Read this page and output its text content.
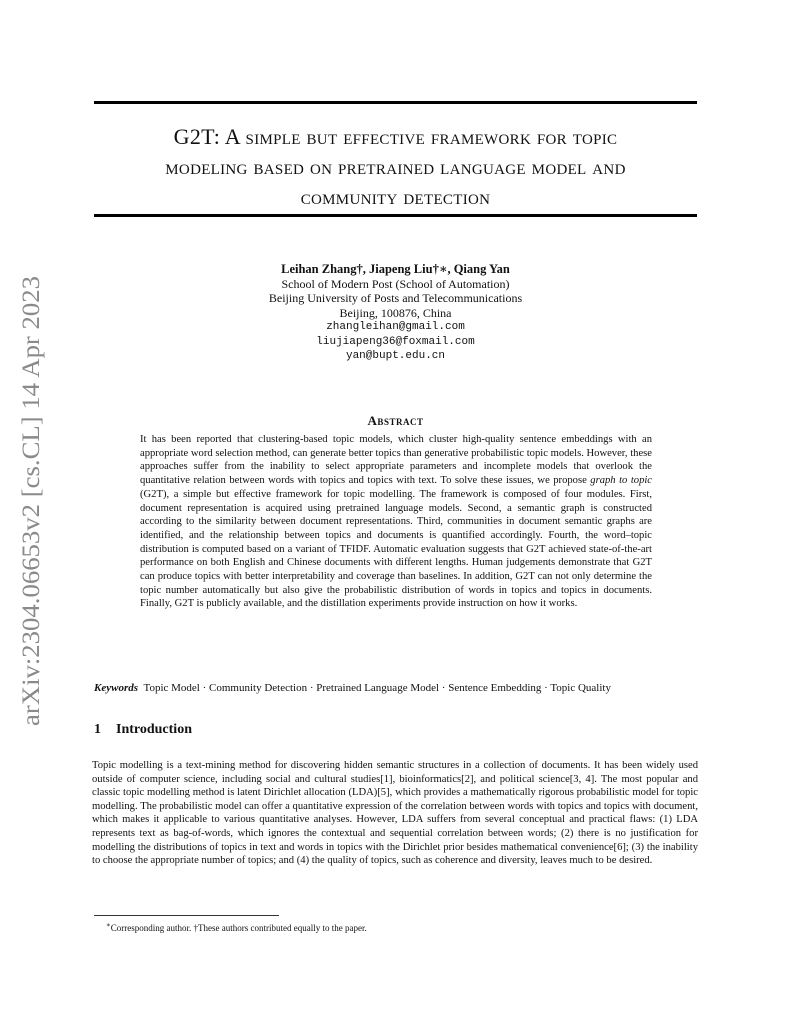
arXiv:2304.06653v2 [cs.CL] 14 Apr 2023
G2T: A simple but effective framework for topic
modeling based on pretrained language model and
community detection
Leihan Zhang†, Jiapeng Liu†∗, Qiang Yan
School of Modern Post (School of Automation)
Beijing University of Posts and Telecommunications
Beijing, 100876, China
zhangleihan@gmail.com
liujiapeng36@foxmail.com
yan@bupt.edu.cn
Abstract
It has been reported that clustering-based topic models, which cluster high-quality sentence embeddings with an appropriate word selection method, can generate better topics than generative probabilistic topic models. However, these approaches suffer from the inability to select appropriate parameters and incomplete models that overlook the quantitative relation between words with topics and topics with text. To solve these issues, we propose graph to topic (G2T), a simple but effective framework for topic modelling. The framework is composed of four modules. First, document representation is acquired using pretrained language models. Second, a semantic graph is constructed according to the similarity between document representations. Third, communities in document semantic graphs are identified, and the relationship between topics and documents is quantified accordingly. Fourth, the word–topic distribution is computed based on a variant of TFIDF. Automatic evaluation suggests that G2T achieved state-of-the-art performance on both English and Chinese documents with different lengths. Human judgements demonstrate that G2T can produce topics with better interpretability and coverage than baselines. In addition, G2T can not only determine the topic number automatically but also give the probabilistic distribution of words in topics and topics in documents. Finally, G2T is publicly available, and the distillation experiments provide instruction on how it works.
Keywords Topic Model · Community Detection · Pretrained Language Model · Sentence Embedding · Topic Quality
1 Introduction
Topic modelling is a text-mining method for discovering hidden semantic structures in a collection of documents. It has been widely used outside of computer science, including social and cultural studies[1], bioinformatics[2], and political science[3, 4]. The most popular and classic topic modelling method is latent Dirichlet allocation (LDA)[5], which provides a mathematically rigorous probabilistic model for topic modelling. The probabilistic model can offer a quantitative expression of the correlation between words with topics and topics with document, which makes it applicable to various quantitative analyses. However, LDA suffers from several conceptual and practical flaws: (1) LDA represents text as bag-of-words, which ignores the contextual and sequential correlation between words; (2) there is no justification for modelling the distributions of topics in text and words in topics with the Dirichlet prior besides mathematical convenience[6]; (3) the inability to choose the appropriate number of topics; and (4) the quality of topics, such as coherence and diversity, leaves much to be desired.
∗Corresponding author. †These authors contributed equally to the paper.
